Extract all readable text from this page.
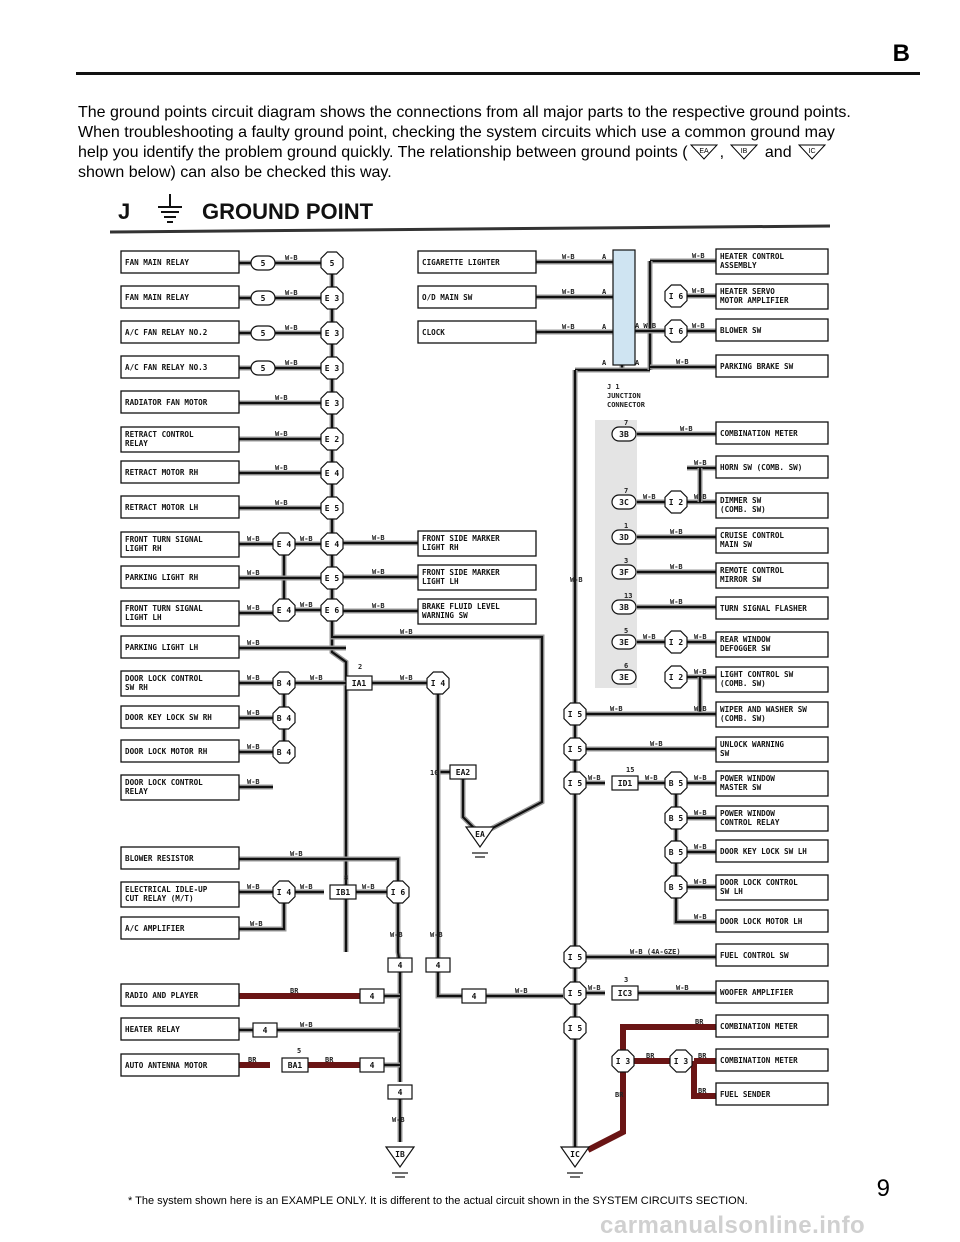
B

The ground points circuit diagram shows the connections from all major parts to the respective ground points.

When troubleshooting a faulty ground point, checking the system circuits which use a common ground may

help you identify the problem ground quickly. The relationship between ground points ( EA , IB and IC

shown below) can also be checked this way.

J	GROUND POINT
FAN MAIN RELAY
FAN MAIN RELAY
A/C FAN RELAY NO.2
A/C FAN RELAY NO.3
RADIATOR FAN MOTOR
RETRACT CONTROL
RELAY
RETRACT MOTOR RH
RETRACT MOTOR LH
FRONT TURN SIGNAL
LIGHT RH
PARKING LIGHT RH
FRONT TURN SIGNAL
LIGHT LH
PARKING LIGHT LH
DOOR LOCK CONTROL
SW RH
DOOR KEY LOCK SW RH
DOOR LOCK MOTOR RH
DOOR LOCK CONTROL
RELAY
5
E 3
E 3
E 3
E 3
E 2
E 4
E 5
5
5
5
5
E 4
E 4
E 4
E 5
E 6
B 4
B 4
B 4
IA1	I 4
EA2
EA
CIGARETTE LIGHTER
O/D MAIN SW
CLOCK
FRONT SIDE MARKER
LIGHT RH
FRONT SIDE MARKER
LIGHT LH
BRAKE FLUID LEVEL
WARNING SW
HEATER CONTROL
ASSEMBLY
HEATER SERVO
MOTOR AMPLIFIER
BLOWER SW
PARKING BRAKE SW
COMBINATION METER
HORN SW (COMB. SW)
DIMMER SW
(COMB. SW)
CRUISE CONTROL
MAIN SW
REMOTE CONTROL
MIRROR SW
TURN SIGNAL FLASHER
REAR WINDOW
DEFOGGER SW
LIGHT CONTROL SW
(COMB. SW)
WIPER AND WASHER SW
(COMB. SW)
UNLOCK WARNING
SW
POWER WINDOW
MASTER SW
POWER WINDOW
CONTROL RELAY
DOOR KEY LOCK SW LH
DOOR LOCK CONTROL
SW LH
DOOR LOCK MOTOR LH
FUEL CONTROL SW
WOOFER AMPLIFIER
COMBINATION METER
COMBINATION METER
FUEL SENDER
I 6
I 6
3B
3C
3D
3F
3B
3E
3E
I 2
I 2
I 2
I 5
I 5
I 5
I 5
I 5
I 5
ID1	B 5
B 5
B 5
B 5
IC3
I 3	I 3
IC
BLOWER RESISTOR
ELECTRICAL IDLE-UP
CUT RELAY (M/T)
A/C AMPLIFIER
RADIO AND PLAYER
HEATER RELAY
AUTO ANTENNA MOTOR
I 6
I 4	IB1
4	4
4
4
4
BA1	4
4
IB
W-B
W-B
W-B
W-B
W-B
W-B
W-B
W-B
W-B
W-B
W-B
W-B
W-B
W-B
W-B
W-B
W-B
W-B
W-B
2
W-B
10
W-B
W-B
W-B
W-B
W-B	A
W-B	A
W-B	A
A	A
J 1
JUNCTION
CONNECTOR
W-B
W-B
W-B
W-B
A W-B
W-B
7
7
1
3
13
5
6
W-B
W-B
W-B
W-B
W-B
W-B
W-B
W-B
W-B
W-B
W-B
W-B
W-B
W-B
15
W-B	W-B
W-B
W-B
W-B
W-B
W-B (4A-GZE)
W-B
3
W-B
BR
BR
BR
BR
BR
W-B
W-B	W-B
8
W-B
W-B
W-B	W-B
W-B
BR
W-B
BR
5
BR
W-B
* The system shown here is an EXAMPLE ONLY. It is different to the actual circuit shown in the SYSTEM CIRCUITS SECTION.	9
carmanualsonline.info
